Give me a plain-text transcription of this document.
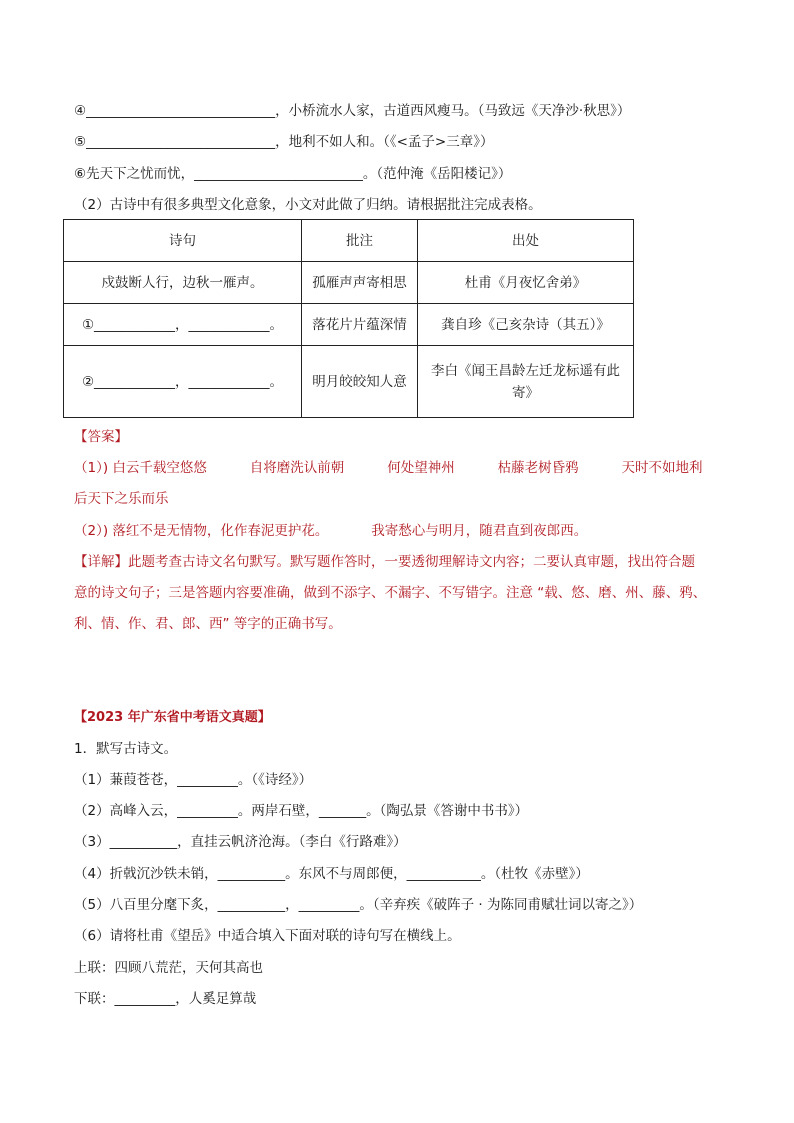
④____________________________，小桥流水人家，古道西风瘦马。（马致远《天净沙·秋思》）
⑤____________________________，地利不如人和。（《<孟子>三章》）
⑥先天下之忧而忧，_________________________。（范仲淹《岳阳楼记》）
（2）古诗中有很多典型文化意象，小文对此做了归纳。请根据批注完成表格。
诗句	批注	出处
戍鼓断人行，边秋一雁声。	孤雁声声寄相思	杜甫《月夜忆舍弟》
①____________，____________。	落花片片蕴深情	龚自珍《己亥杂诗（其五）》
②____________，____________。	明月皎皎知人意	李白《闻王昌龄左迁龙标遥有此寄》
【答案】
（1）) 白云千载空悠悠          自将磨洗认前朝          何处望神州          枯藤老树昏鸦          天时不如地利
后天下之乐而乐
（2）) 落红不是无情物，化作春泥更护花。          我寄愁心与明月，随君直到夜郎西。
【详解】此题考查古诗文名句默写。默写题作答时，一要透彻理解诗文内容；二要认真审题，找出符合题
意的诗文句子；三是答题内容要准确，做到不添字、不漏字、不写错字。注意 “载、悠、磨、州、藤、鸦、
利、情、作、君、郎、西” 等字的正确书写。
【2023 年广东省中考语文真题】
1．默写古诗文。
（1）蒹葭苍苍，_________。（《诗经》）
（2）高峰入云，_________。两岸石壁，_______。（陶弘景《答谢中书书》）
（3）__________，直挂云帆济沧海。（李白《行路难》）
（4）折戟沉沙铁未销，__________。东风不与周郎便，___________。（杜牧《赤壁》）
（5）八百里分麾下炙，__________，_________。（辛弃疾《破阵子 · 为陈同甫赋壮词以寄之》）
（6）请将杜甫《望岳》中适合填入下面对联的诗句写在横线上。
上联：四顾八荒茫，天何其高也
下联：_________，人奚足算哉
